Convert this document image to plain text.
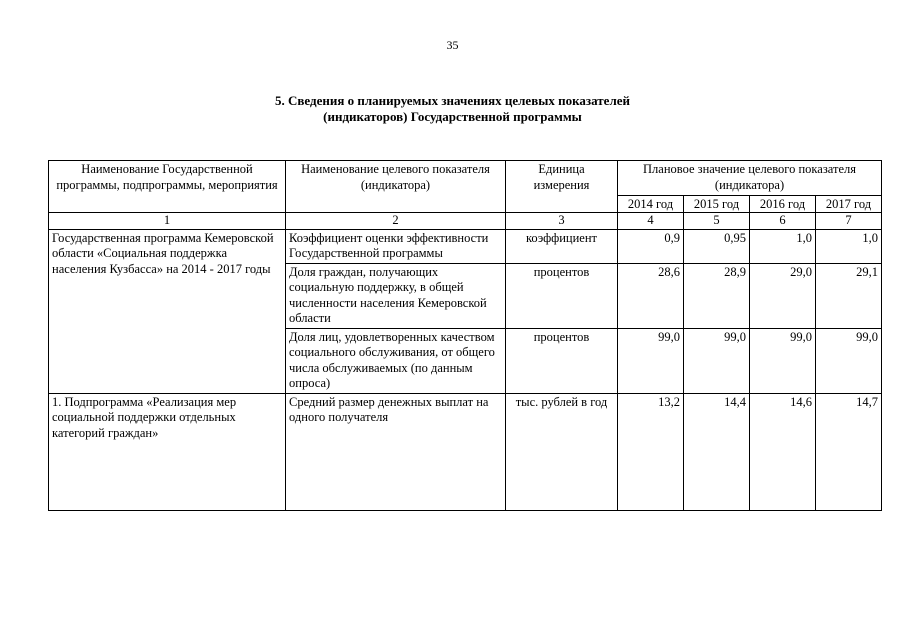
35
5. Сведения о планируемых значениях целевых показателей
(индикаторов) Государственной программы
Наименование Государственной программы, подпрограммы, мероприятия	Наименование целевого показателя (индикатора)	Единица измерения	Плановое значение целевого показателя (индикатора)			
			2014 год	2015 год	2016 год	2017 год
1	2	3	4	5	6	7
Государственная программа Кемеровской области «Социальная поддержка населения Кузбасса» на 2014 - 2017 годы	Коэффициент оценки эффективности Государственной программы	коэффициент	0,9	0,95	1,0	1,0
	Доля граждан, получающих социальную поддержку, в общей численности населения Кемеровской области	процентов	28,6	28,9	29,0	29,1
	Доля лиц, удовлетворенных качеством социального обслуживания, от общего числа обслуживаемых (по данным опроса)	процентов	99,0	99,0	99,0	99,0
1. Подпрограмма «Реализация мер социальной поддержки отдельных категорий граждан»	Средний размер денежных выплат на одного получателя	тыс. рублей в год	13,2	14,4	14,6	14,7
